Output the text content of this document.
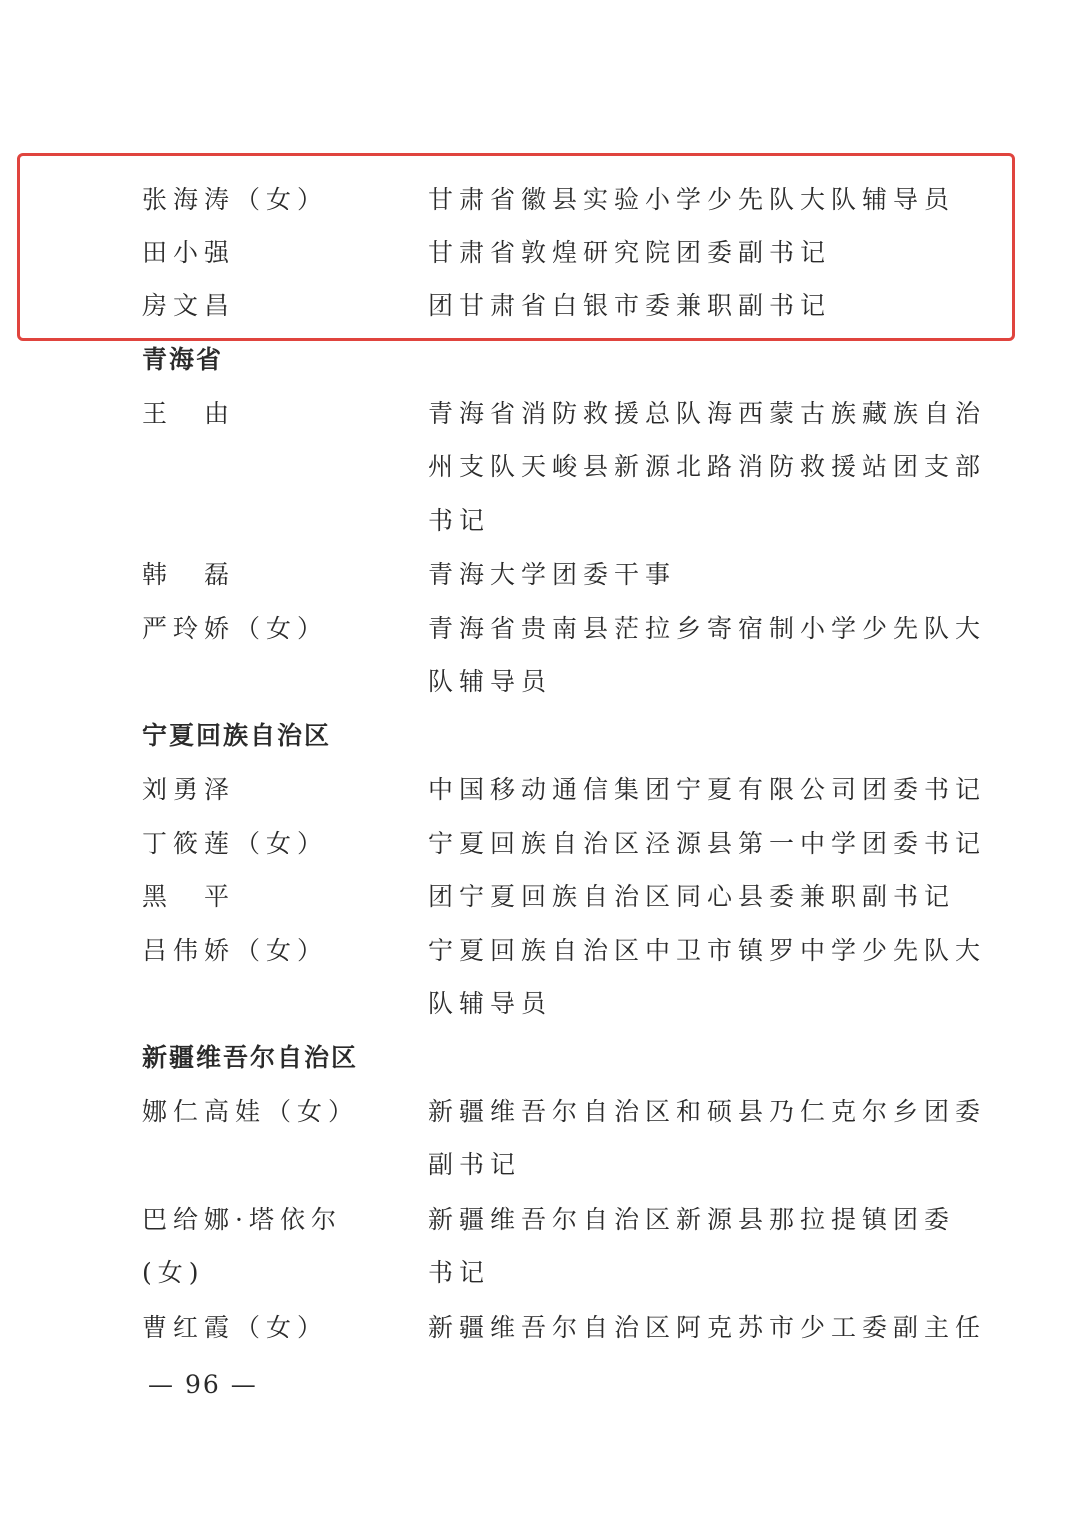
张海涛（女）	甘肃省徽县实验小学少先队大队辅导员
田小强	甘肃省敦煌研究院团委副书记
房文昌	团甘肃省白银市委兼职副书记
青海省
王　由	青海省消防救援总队海西蒙古族藏族自治
州支队天峻县新源北路消防救援站团支部
书记
韩　磊	青海大学团委干事
严玲娇（女）	青海省贵南县茫拉乡寄宿制小学少先队大
队辅导员
宁夏回族自治区
刘勇泽	中国移动通信集团宁夏有限公司团委书记
丁筱莲（女）	宁夏回族自治区泾源县第一中学团委书记
黑　平	团宁夏回族自治区同心县委兼职副书记
吕伟娇（女）	宁夏回族自治区中卫市镇罗中学少先队大
队辅导员
新疆维吾尔自治区
娜仁高娃（女）	新疆维吾尔自治区和硕县乃仁克尔乡团委
副书记
巴给娜·塔依尔	新疆维吾尔自治区新源县那拉提镇团委
(女)	书记
曹红霞（女）	新疆维吾尔自治区阿克苏市少工委副主任
— 96 —
